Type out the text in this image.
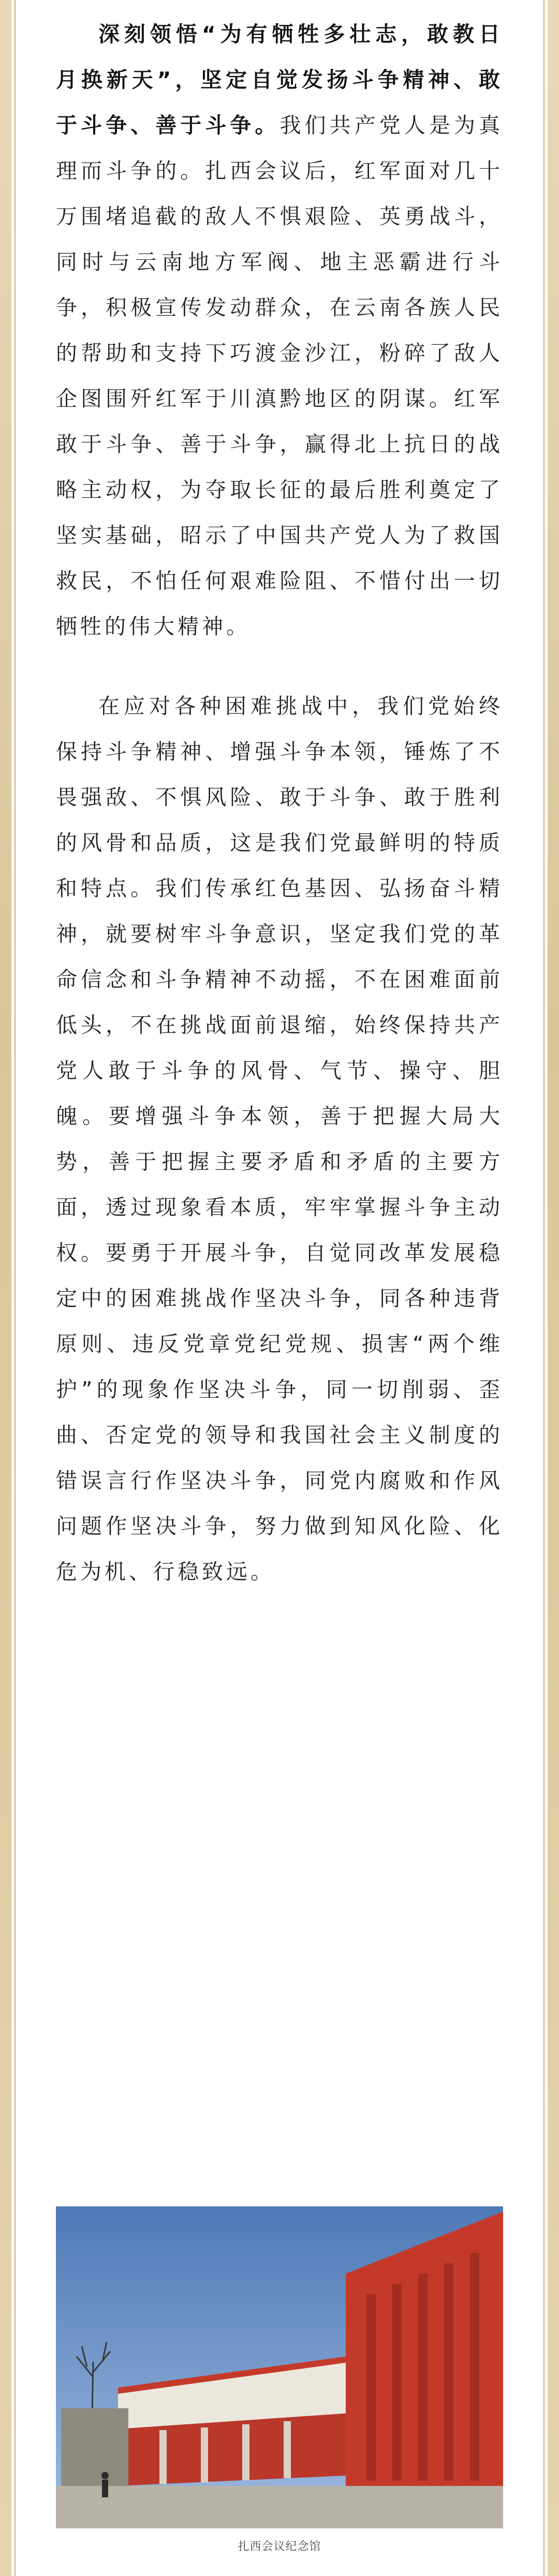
深刻领悟“为有牺牲多壮志，敢教日月换新天”，坚定自觉发扬斗争精神、敢于斗争、善于斗争。我们共产党人是为真理而斗争的。扎西会议后，红军面对几十万围堵追截的敌人不惧艰险、英勇战斗，同时与云南地方军阀、地主恶霸进行斗争，积极宣传发动群众，在云南各族人民的帮助和支持下巧渡金沙江，粉碎了敌人企图围歼红军于川滇黔地区的阴谋。红军敢于斗争、善于斗争，赢得北上抗日的战略主动权，为夺取长征的最后胜利奠定了坚实基础，昭示了中国共产党人为了救国救民，不怕任何艰难险阻、不惜付出一切牺牲的伟大精神。

在应对各种困难挑战中，我们党始终保持斗争精神、增强斗争本领，锤炼了不畏强敌、不惧风险、敢于斗争、敢于胜利的风骨和品质，这是我们党最鲜明的特质和特点。我们传承红色基因、弘扬奋斗精神，就要树牢斗争意识，坚定我们党的革命信念和斗争精神不动摇，不在困难面前低头，不在挑战面前退缩，始终保持共产党人敢于斗争的风骨、气节、操守、胆魄。要增强斗争本领，善于把握大局大势，善于把握主要矛盾和矛盾的主要方面，透过现象看本质，牢牢掌握斗争主动权。要勇于开展斗争，自觉同改革发展稳定中的困难挑战作坚决斗争，同各种违背原则、违反党章党纪党规、损害“两个维护”的现象作坚决斗争，同一切削弱、歪曲、否定党的领导和我国社会主义制度的错误言行作坚决斗争，同党内腐败和作风问题作坚决斗争，努力做到知风化险、化危为机、行稳致远。

扎西会议纪念馆
